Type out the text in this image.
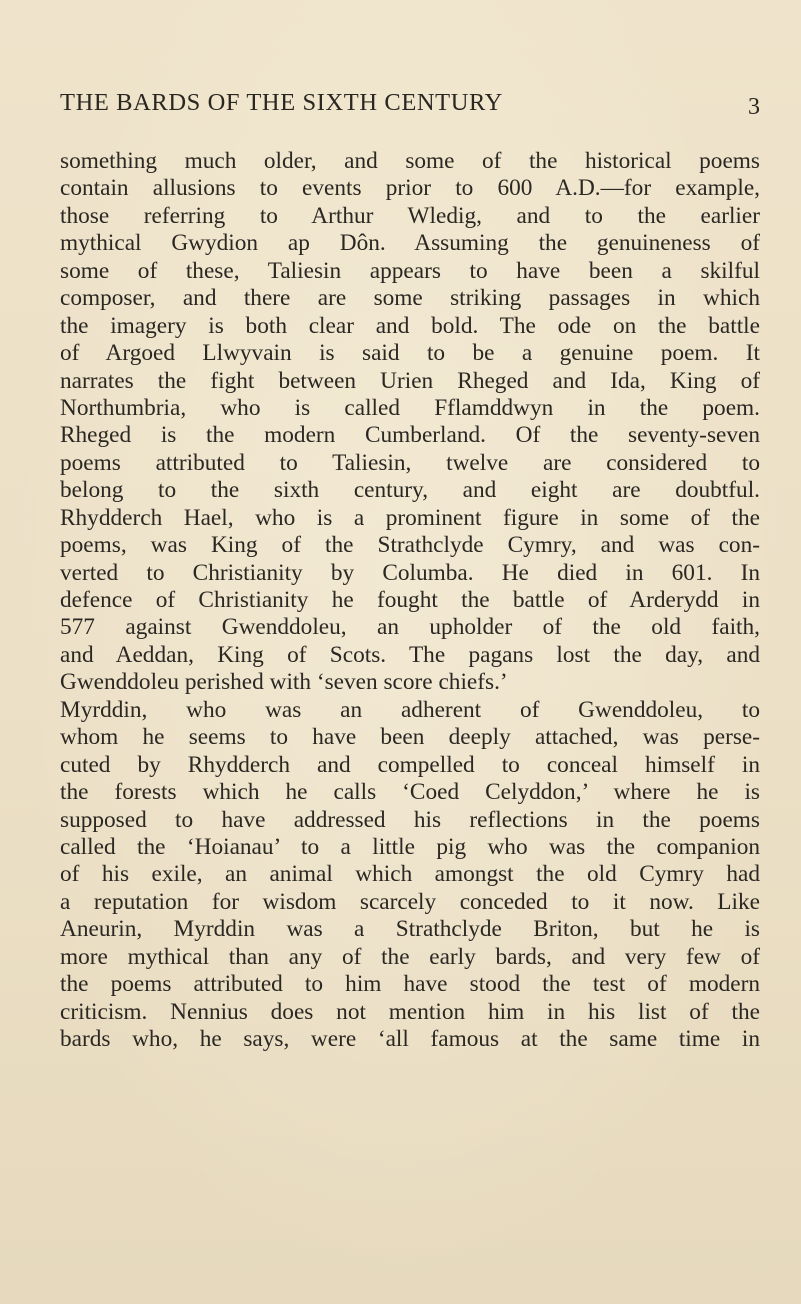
THE BARDS OF THE SIXTH CENTURY	3
something much older, and some of the historical poems
contain allusions to events prior to 600 A.D.—for example,
those referring to Arthur Wledig, and to the earlier
mythical Gwydion ap Dôn. Assuming the genuineness of
some of these, Taliesin appears to have been a skilful
composer, and there are some striking passages in which
the imagery is both clear and bold. The ode on the battle
of Argoed Llwyvain is said to be a genuine poem. It
narrates the fight between Urien Rheged and Ida, King of
Northumbria, who is called Fflamddwyn in the poem.
Rheged is the modern Cumberland. Of the seventy-seven
poems attributed to Taliesin, twelve are considered to
belong to the sixth century, and eight are doubtful.
Rhydderch Hael, who is a prominent figure in some of the
poems, was King of the Strathclyde Cymry, and was con-
verted to Christianity by Columba. He died in 601. In
defence of Christianity he fought the battle of Arderydd in
577 against Gwenddoleu, an upholder of the old faith,
and Aeddan, King of Scots. The pagans lost the day, and
Gwenddoleu perished with ‘seven score chiefs.’
Myrddin, who was an adherent of Gwenddoleu, to
whom he seems to have been deeply attached, was perse-
cuted by Rhydderch and compelled to conceal himself in
the forests which he calls ‘Coed Celyddon,’ where he is
supposed to have addressed his reflections in the poems
called the ‘Hoianau’ to a little pig who was the companion
of his exile, an animal which amongst the old Cymry had
a reputation for wisdom scarcely conceded to it now. Like
Aneurin, Myrddin was a Strathclyde Briton, but he is
more mythical than any of the early bards, and very few of
the poems attributed to him have stood the test of modern
criticism. Nennius does not mention him in his list of the
bards who, he says, were ‘all famous at the same time in
